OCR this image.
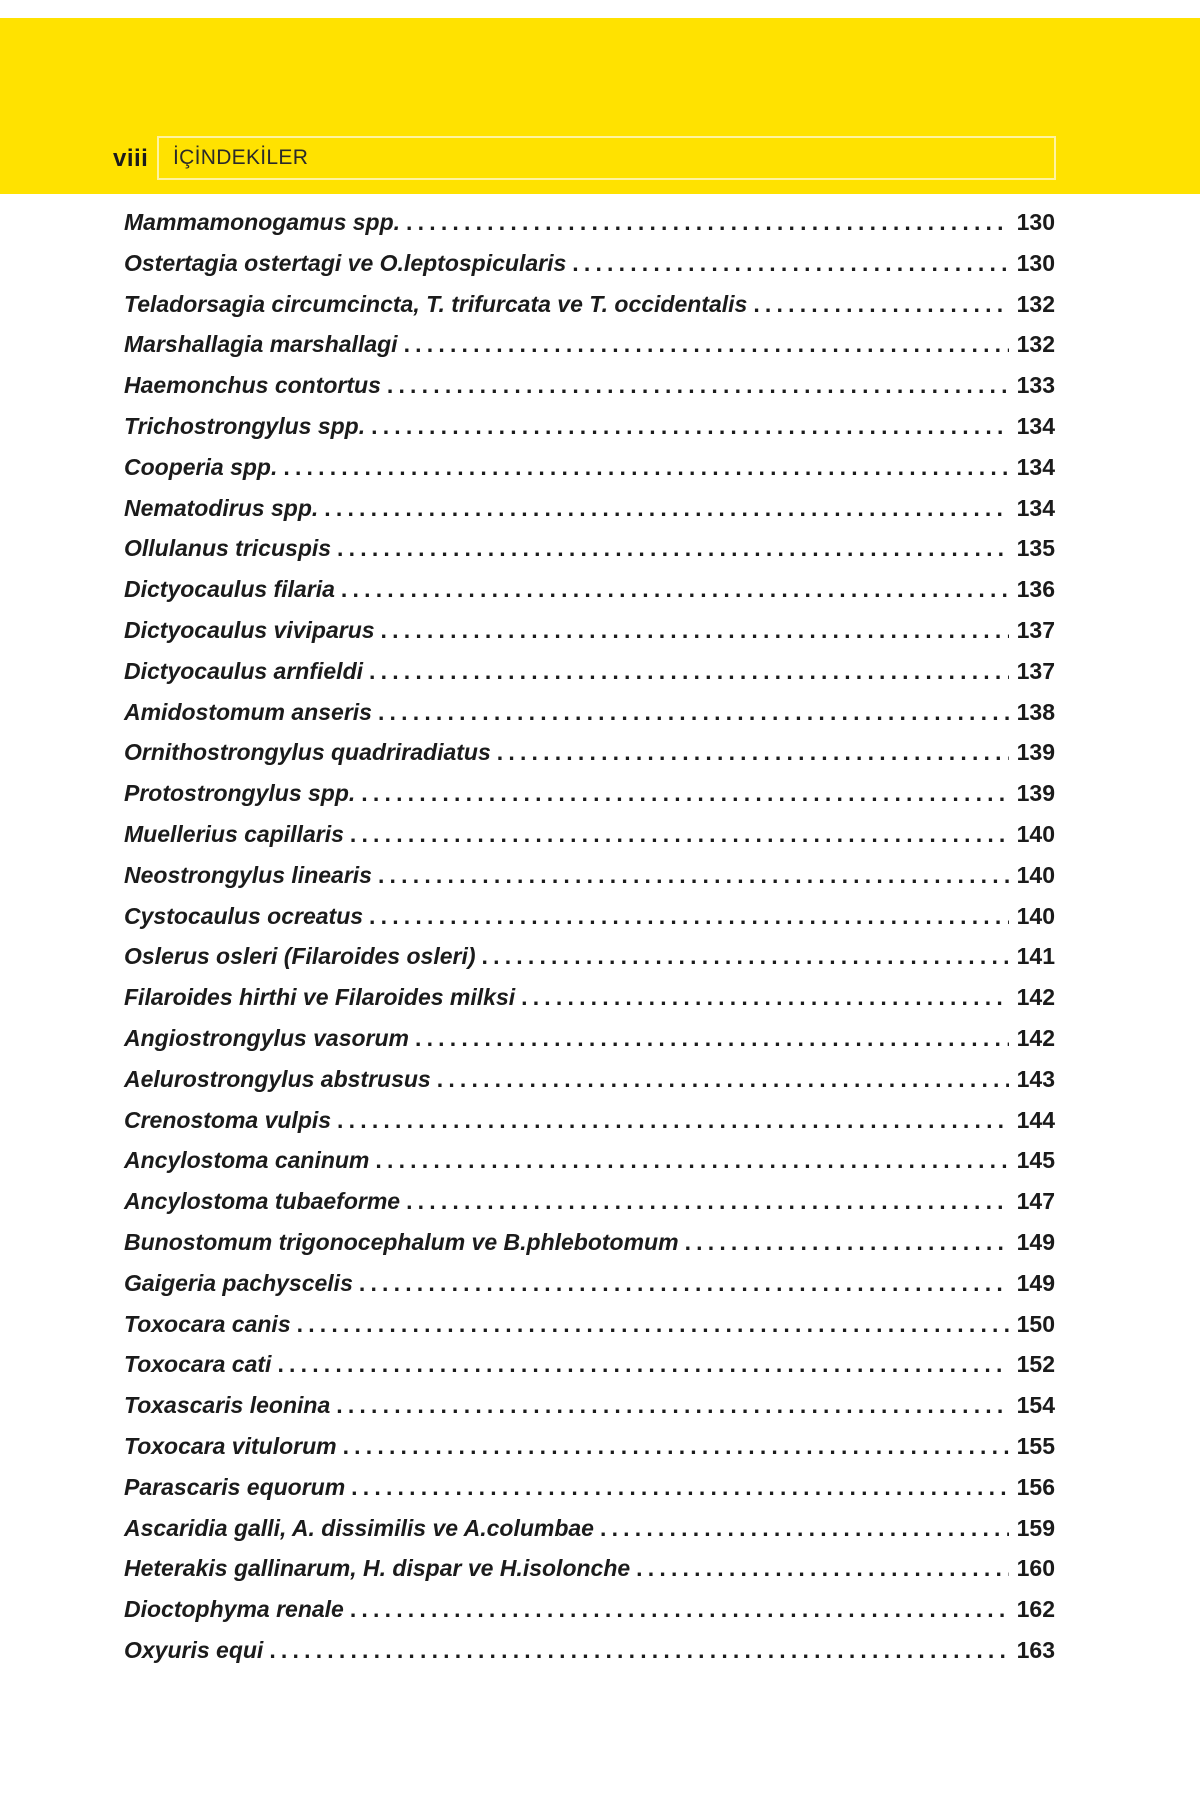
viii İÇİNDEKİLER
Mammamonogamus spp. .....	130
Ostertagia ostertagi ve O.leptospicularis .....	130
Teladorsagia circumcincta, T. trifurcata ve T. occidentalis .....	132
Marshallagia marshallagi .....	132
Haemonchus contortus .....	133
Trichostrongylus spp. .....	134
Cooperia spp. .....	134
Nematodirus spp. .....	134
Ollulanus tricuspis .....	135
Dictyocaulus filaria .....	136
Dictyocaulus viviparus .....	137
Dictyocaulus arnfieldi .....	137
Amidostomum anseris .....	138
Ornithostrongylus quadriradiatus .....	139
Protostrongylus spp. .....	139
Muellerius capillaris .....	140
Neostrongylus linearis .....	140
Cystocaulus ocreatus .....	140
Oslerus osleri (Filaroides osleri) .....	141
Filaroides hirthi ve Filaroides milksi .....	142
Angiostrongylus vasorum .....	142
Aelurostrongylus abstrusus .....	143
Crenostoma vulpis .....	144
Ancylostoma caninum .....	145
Ancylostoma tubaeforme .....	147
Bunostomum trigonocephalum ve B.phlebotomum .....	149
Gaigeria pachyscelis .....	149
Toxocara canis .....	150
Toxocara cati .....	152
Toxascaris leonina .....	154
Toxocara vitulorum .....	155
Parascaris equorum .....	156
Ascaridia galli, A. dissimilis ve A.columbae .....	159
Heterakis gallinarum, H. dispar ve H.isolonche .....	160
Dioctophyma renale .....	162
Oxyuris equi .....	163
